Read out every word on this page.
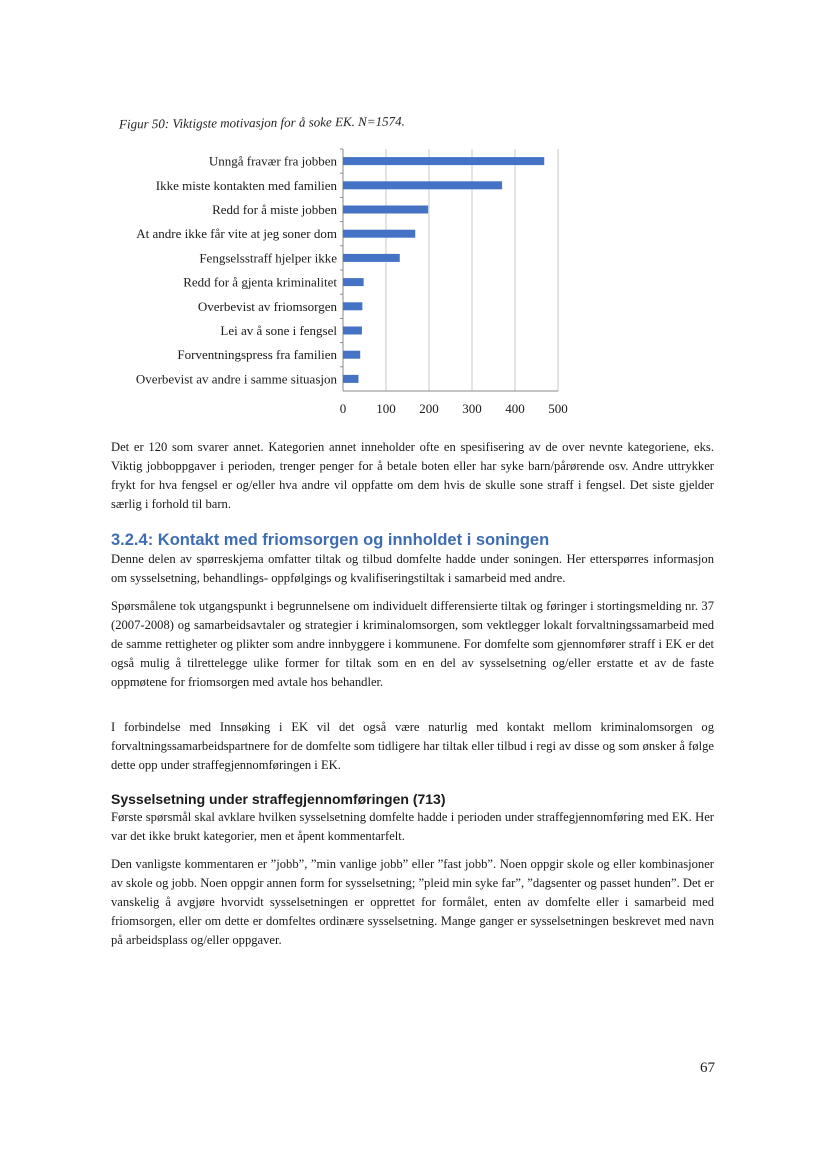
Figur 50: Viktigste motivasjon for å soke EK. N=1574.

Unngå fravær fra jobben
Ikke miste kontakten med familien
Redd for å miste jobben
At andre ikke får vite at jeg soner dom
Fengselsstraff hjelper ikke
Redd for å gjenta kriminalitet
Overbevist av friomsorgen
Lei av å sone i fengsel
Forventningspress fra familien
Overbevist av andre i samme situasjon
0 100 200 300 400 500

Det er 120 som svarer annet. Kategorien annet inneholder ofte en spesifisering av de over nevnte kategoriene, eks. Viktig jobboppgaver i perioden, trenger penger for å betale boten eller har syke barn/pårørende osv. Andre uttrykker frykt for hva fengsel er og/eller hva andre vil oppfatte om dem hvis de skulle sone straff i fengsel. Det siste gjelder særlig i forhold til barn.

3.2.4: Kontakt med friomsorgen og innholdet i soningen

Denne delen av spørreskjema omfatter tiltak og tilbud domfelte hadde under soningen. Her etterspørres informasjon om sysselsetning, behandlings- oppfølgings og kvalifiseringstiltak i samarbeid med andre.

Spørsmålene tok utgangspunkt i begrunnelsene om individuelt differensierte tiltak og føringer i stortingsmelding nr. 37 (2007-2008) og samarbeidsavtaler og strategier i kriminalomsorgen, som vektlegger lokalt forvaltningssamarbeid med de samme rettigheter og plikter som andre innbyggere i kommunene. For domfelte som gjennomfører straff i EK er det også mulig å tilrettelegge ulike former for tiltak som en en del av sysselsetning og/eller erstatte et av de faste oppmøtene for friomsorgen med avtale hos behandler.

I forbindelse med Innsøking i EK vil det også være naturlig med kontakt mellom kriminalomsorgen og forvaltningssamarbeidspartnere for de domfelte som tidligere har tiltak eller tilbud i regi av disse og som ønsker å følge dette opp under straffegjennomføringen i EK.

Sysselsetning under straffegjennomføringen (713)

Første spørsmål skal avklare hvilken sysselsetning domfelte hadde i perioden under straffegjennomføring med EK. Her var det ikke brukt kategorier, men et åpent kommentarfelt.

Den vanligste kommentaren er ”jobb”, ”min vanlige jobb” eller ”fast jobb”. Noen oppgir skole og eller kombinasjoner av skole og jobb. Noen oppgir annen form for sysselsetning; ”pleid min syke far”, ”dagsenter og passet hunden”. Det er vanskelig å avgjøre hvorvidt sysselsetningen er opprettet for formålet, enten av domfelte eller i samarbeid med friomsorgen, eller om dette er domfeltes ordinære sysselsetning. Mange ganger er sysselsetningen beskrevet med navn på arbeidsplass og/eller oppgaver.

67
